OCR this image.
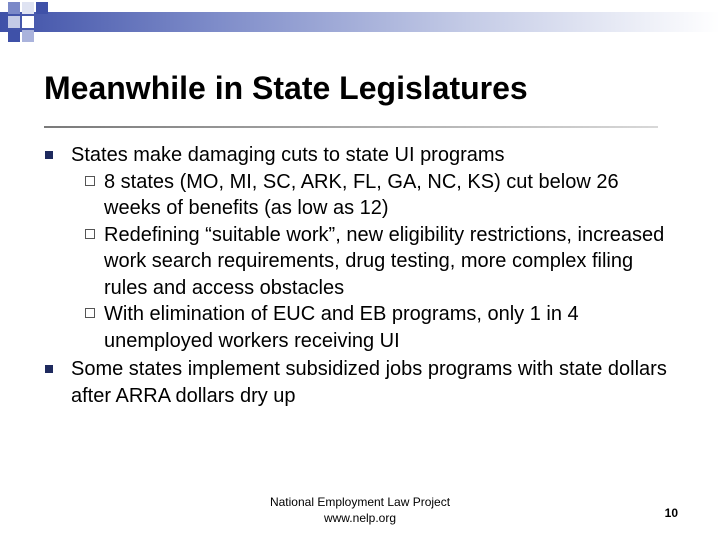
Meanwhile in State Legislatures
States make damaging cuts to state UI programs
8 states (MO, MI, SC, ARK, FL, GA, NC, KS) cut below 26 weeks of benefits (as low as 12)
Redefining “suitable work”, new eligibility restrictions, increased work search requirements, drug testing, more complex filing rules and access obstacles
With elimination of EUC and EB programs, only 1 in 4 unemployed workers receiving UI
Some states implement subsidized jobs programs with state dollars after ARRA dollars dry up
National Employment Law Project
www.nelp.org	10
